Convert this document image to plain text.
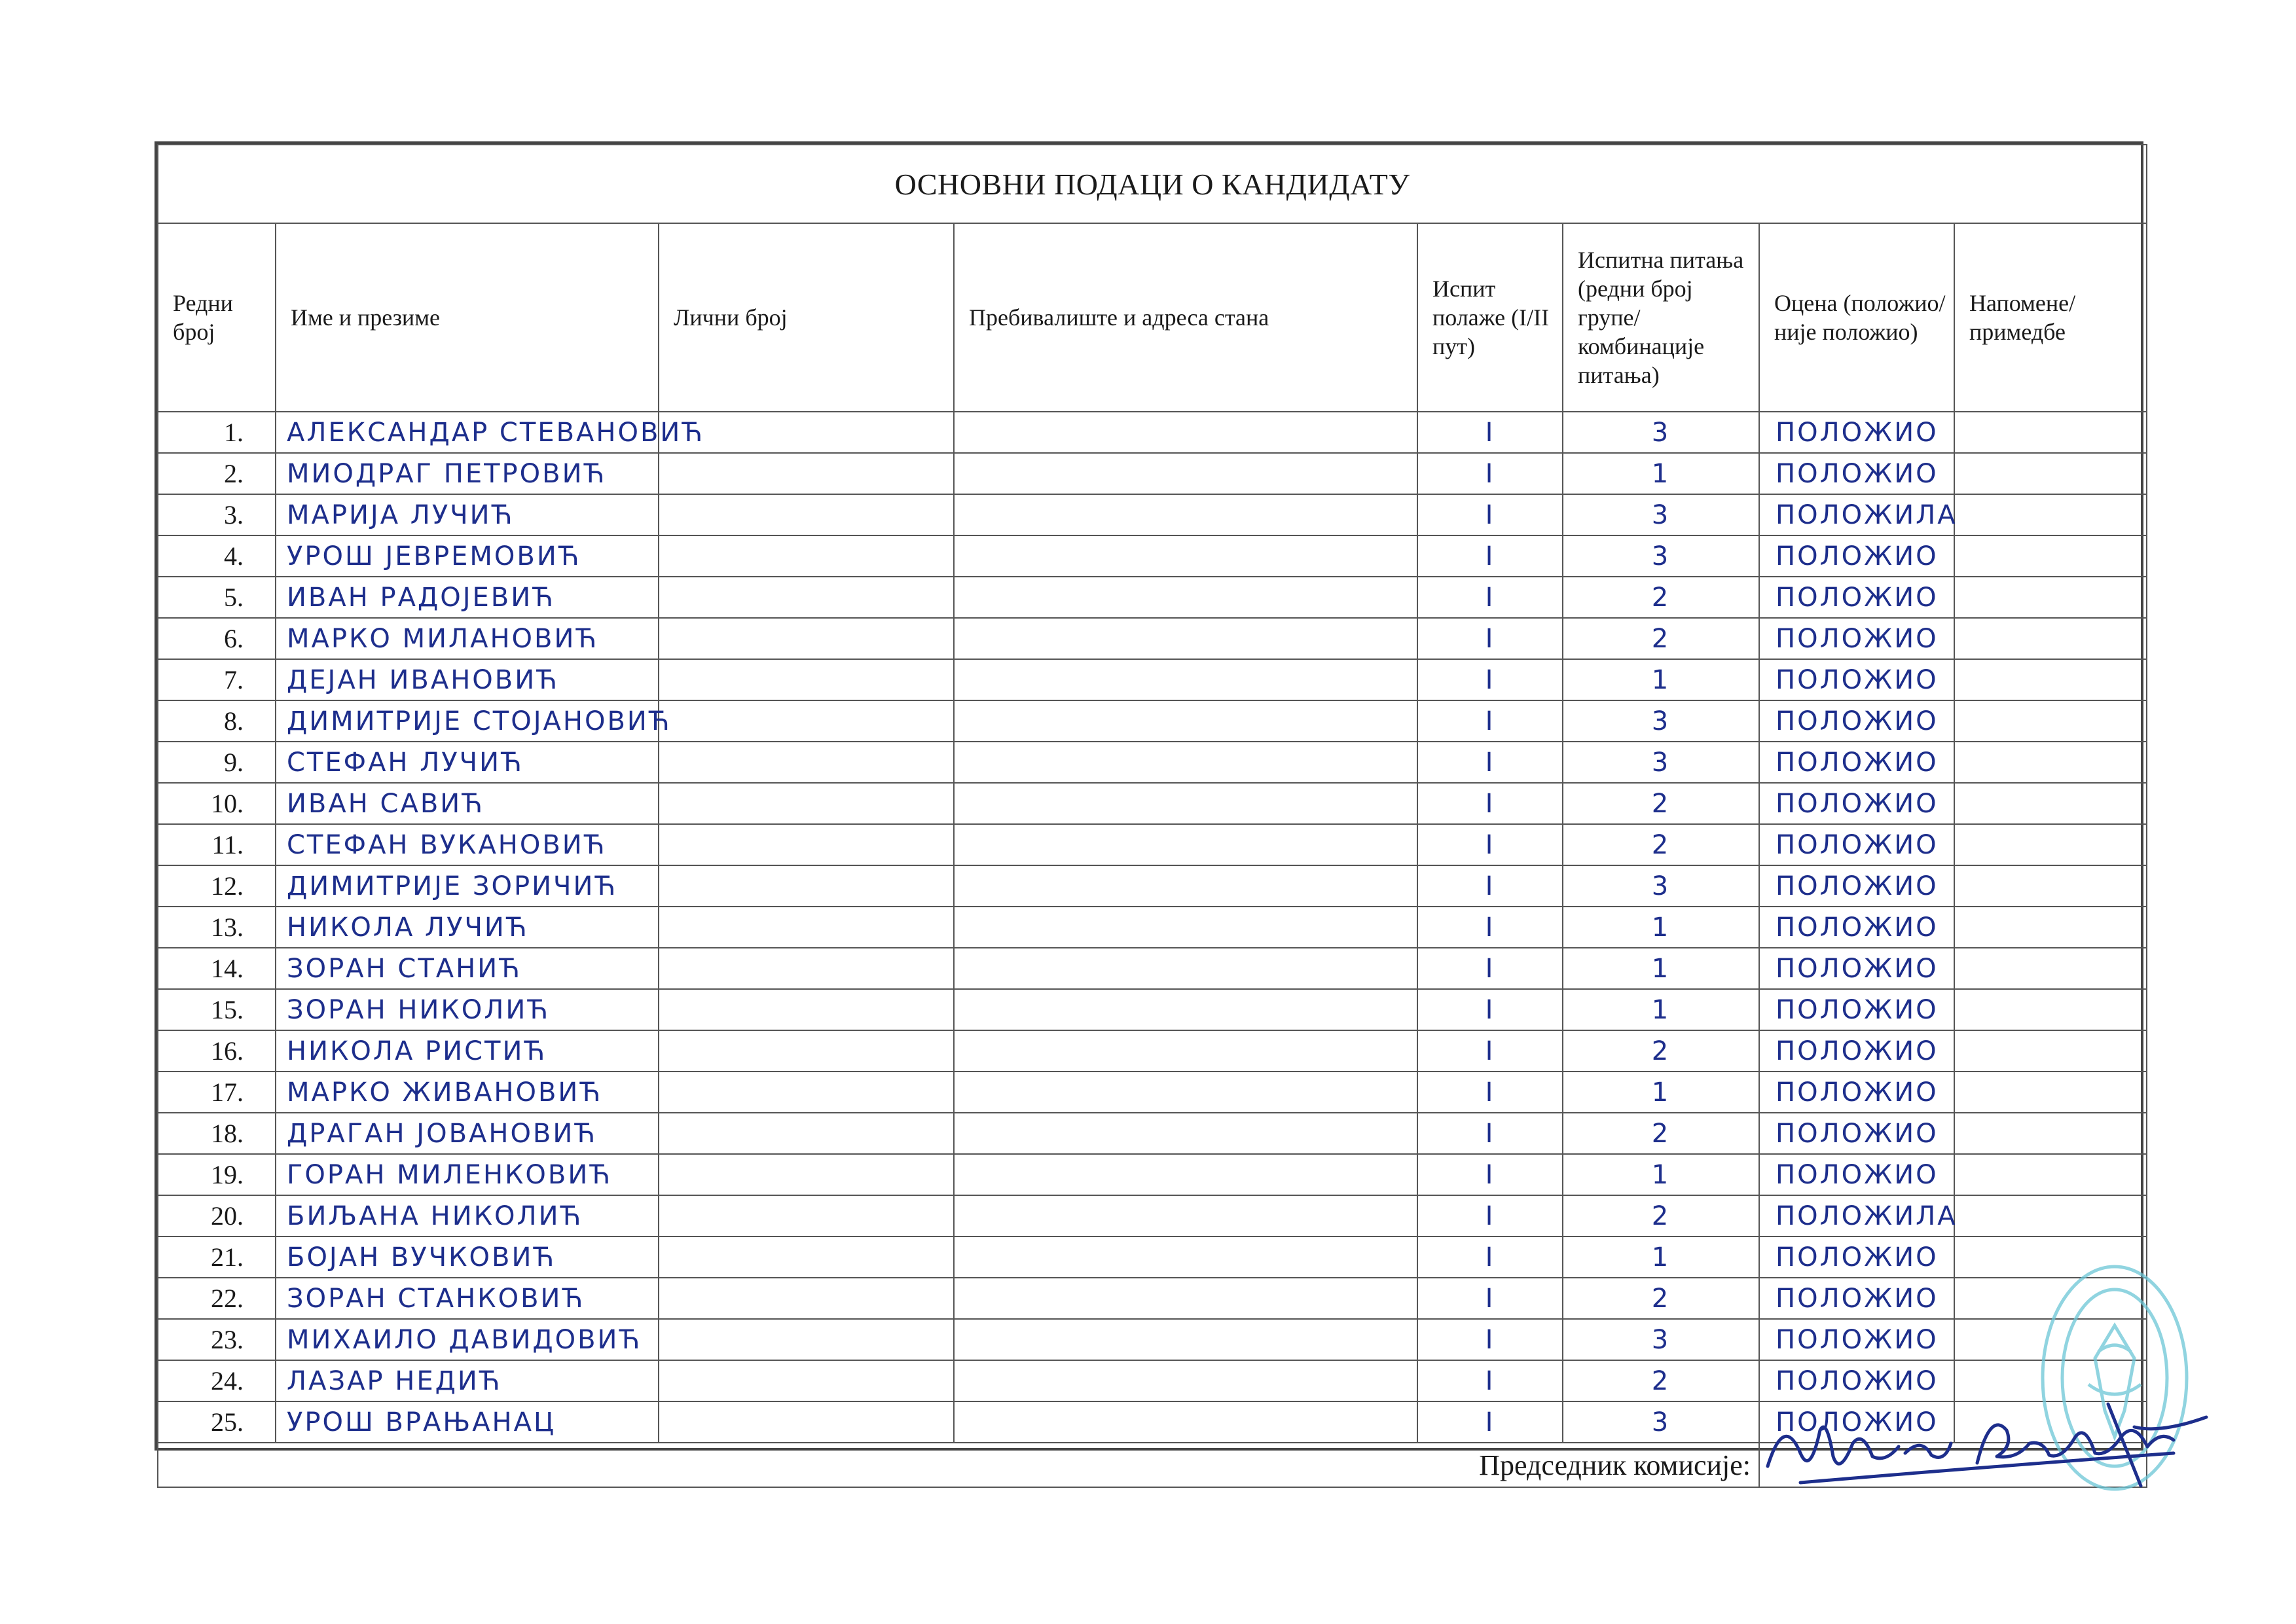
ОСНОВНИ ПОДАЦИ О КАНДИДАТУ							
Редни број	Име и презиме	Лични број	Пребивалиште и адреса стана	Испит полаже (I/II пут)	Испитна питања (редни број групе/ комбинације питања)	Оцена (положио/ није положио)	Напомене/ примедбе
1.	АЛЕКСАНДАР СТЕВАНОВИЋ			I	3	ПОЛОЖИО	
2.	МИОДРАГ ПЕТРОВИЋ			I	1	ПОЛОЖИО	
3.	МАРИЈА ЛУЧИЋ			I	3	ПОЛОЖИЛА	
4.	УРОШ ЈЕВРЕМОВИЋ			I	3	ПОЛОЖИО	
5.	ИВАН РАДОЈЕВИЋ			I	2	ПОЛОЖИО	
6.	МАРКО МИЛАНОВИЋ			I	2	ПОЛОЖИО	
7.	ДЕЈАН ИВАНОВИЋ			I	1	ПОЛОЖИО	
8.	ДИМИТРИЈЕ СТОЈАНОВИЋ			I	3	ПОЛОЖИО	
9.	СТЕФАН ЛУЧИЋ			I	3	ПОЛОЖИО	
10.	ИВАН САВИЋ			I	2	ПОЛОЖИО	
11.	СТЕФАН ВУКАНОВИЋ			I	2	ПОЛОЖИО	
12.	ДИМИТРИЈЕ ЗОРИЧИЋ			I	3	ПОЛОЖИО	
13.	НИКОЛА ЛУЧИЋ			I	1	ПОЛОЖИО	
14.	ЗОРАН СТАНИЋ			I	1	ПОЛОЖИО	
15.	ЗОРАН НИКОЛИЋ			I	1	ПОЛОЖИО	
16.	НИКОЛА РИСТИЋ			I	2	ПОЛОЖИО	
17.	МАРКО ЖИВАНОВИЋ			I	1	ПОЛОЖИО	
18.	ДРАГАН ЈОВАНОВИЋ			I	2	ПОЛОЖИО	
19.	ГОРАН МИЛЕНКОВИЋ			I	1	ПОЛОЖИО	
20.	БИЉАНА НИКОЛИЋ			I	2	ПОЛОЖИЛА	
21.	БОЈАН ВУЧКОВИЋ			I	1	ПОЛОЖИО	
22.	ЗОРАН СТАНКОВИЋ			I	2	ПОЛОЖИО	
23.	МИХАИЛО ДАВИДОВИЋ			I	3	ПОЛОЖИО	
24.	ЛАЗАР НЕДИЋ			I	2	ПОЛОЖИО	
25.	УРОШ ВРАЊАНАЦ			I	3	ПОЛОЖИО	
Председник комисије:							
